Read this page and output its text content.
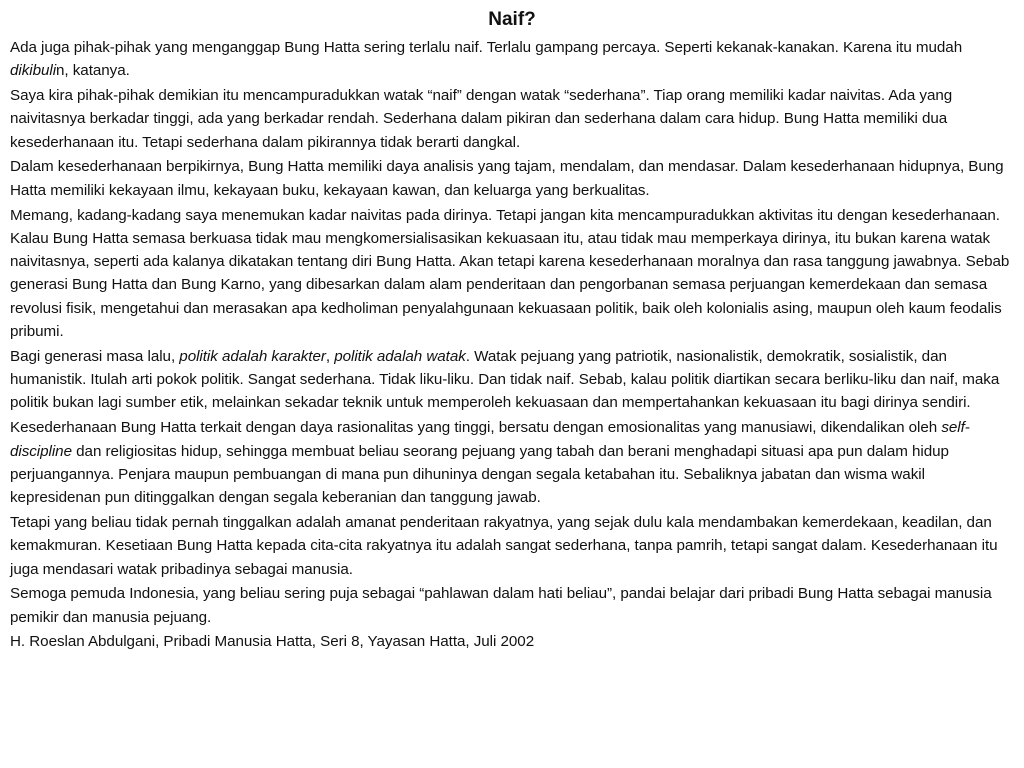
Naif?

Ada juga pihak-pihak yang menganggap Bung Hatta sering terlalu naif. Terlalu gampang percaya. Seperti kekanak-kanakan. Karena itu mudah dikibulin, katanya.

Saya kira pihak-pihak demikian itu mencampuradukkan watak “naif” dengan watak “sederhana”. Tiap orang memiliki kadar naivitas. Ada yang naivitasnya berkadar tinggi, ada yang berkadar rendah. Sederhana dalam pikiran dan sederhana dalam cara hidup. Bung Hatta memiliki dua kesederhanaan itu. Tetapi sederhana dalam pikirannya tidak berarti dangkal.

Dalam kesederhanaan berpikirnya, Bung Hatta memiliki daya analisis yang tajam, mendalam, dan mendasar. Dalam kesederhanaan hidupnya, Bung Hatta memiliki kekayaan ilmu, kekayaan buku, kekayaan kawan, dan keluarga yang berkualitas.

Memang, kadang-kadang saya menemukan kadar naivitas pada dirinya. Tetapi jangan kita mencampuradukkan aktivitas itu dengan kesederhanaan. Kalau Bung Hatta semasa berkuasa tidak mau mengkomersialisasikan kekuasaan itu, atau tidak mau memperkaya dirinya, itu bukan karena watak naivitasnya, seperti ada kalanya dikatakan tentang diri Bung Hatta. Akan tetapi karena kesederhanaan moralnya dan rasa tanggung jawabnya. Sebab generasi Bung Hatta dan Bung Karno, yang dibesarkan dalam alam penderitaan dan pengorbanan semasa perjuangan kemerdekaan dan semasa revolusi fisik, mengetahui dan merasakan apa kedholiman penyalahgunaan kekuasaan politik, baik oleh kolonialis asing, maupun oleh kaum feodalis pribumi.

Bagi generasi masa lalu, politik adalah karakter, politik adalah watak. Watak pejuang yang patriotik, nasionalistik, demokratik, sosialistik, dan humanistik. Itulah arti pokok politik. Sangat sederhana. Tidak liku-liku. Dan tidak naif. Sebab, kalau politik diartikan secara berliku-liku dan naif, maka politik bukan lagi sumber etik, melainkan sekadar teknik untuk memperoleh kekuasaan dan mempertahankan kekuasaan itu bagi dirinya sendiri.

Kesederhanaan Bung Hatta terkait dengan daya rasionalitas yang tinggi, bersatu dengan emosionalitas yang manusiawi, dikendalikan oleh self-discipline dan religiositas hidup, sehingga membuat beliau seorang pejuang yang tabah dan berani menghadapi situasi apa pun dalam hidup perjuangannya. Penjara maupun pembuangan di mana pun dihuninya dengan segala ketabahan itu. Sebaliknya jabatan dan wisma wakil kepresidenan pun ditinggalkan dengan segala keberanian dan tanggung jawab.

Tetapi yang beliau tidak pernah tinggalkan adalah amanat penderitaan rakyatnya, yang sejak dulu kala mendambakan kemerdekaan, keadilan, dan kemakmuran. Kesetiaan Bung Hatta kepada cita-cita rakyatnya itu adalah sangat sederhana, tanpa pamrih, tetapi sangat dalam. Kesederhanaan itu juga mendasari watak pribadinya sebagai manusia.

Semoga pemuda Indonesia, yang beliau sering puja sebagai “pahlawan dalam hati beliau”, pandai belajar dari pribadi Bung Hatta sebagai manusia pemikir dan manusia pejuang.

H. Roeslan Abdulgani, Pribadi Manusia Hatta, Seri 8, Yayasan Hatta, Juli 2002
